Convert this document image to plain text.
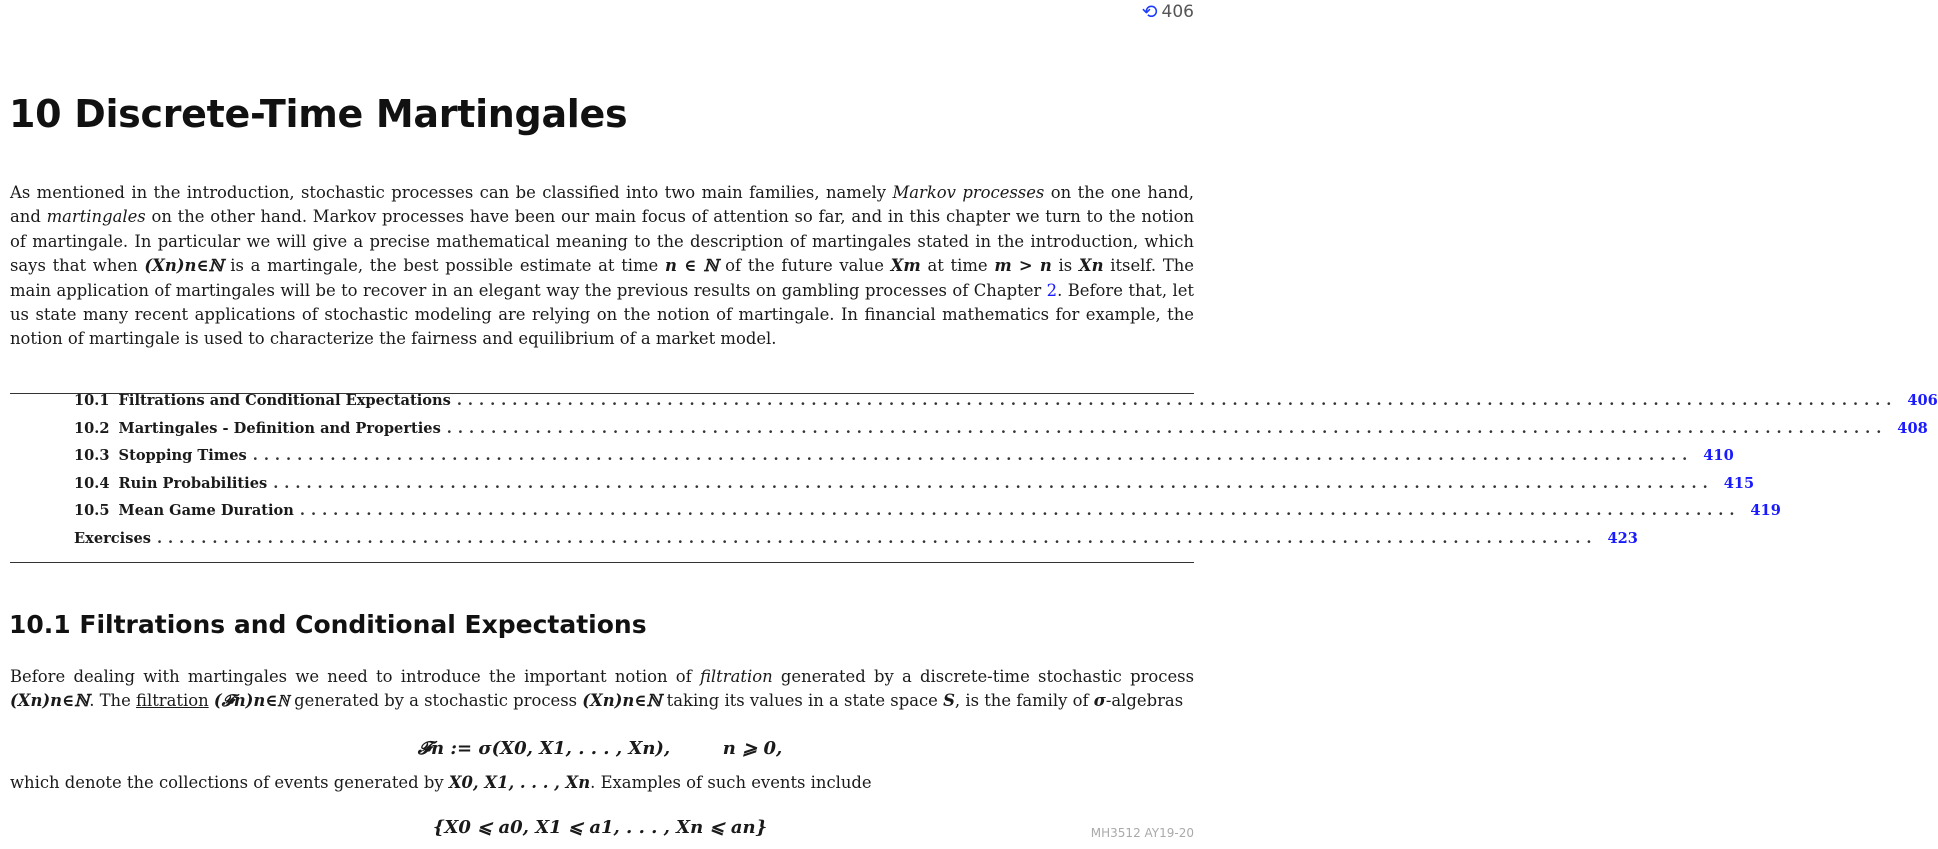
⟲ 406
10 Discrete-Time Martingales

As mentioned in the introduction, stochastic processes can be classified into two main families, namely Markov processes on the one hand, and martingales on the other hand. Markov processes have been our main focus of attention so far, and in this chapter we turn to the notion of martingale. In particular we will give a precise mathematical meaning to the description of martingales stated in the introduction, which says that when (Xn)n∈ℕ is a martingale, the best possible estimate at time n ∈ ℕ of the future value Xm at time m > n is Xn itself. The main application of martingales will be to recover in an elegant way the previous results on gambling processes of Chapter 2. Before that, let us state many recent applications of stochastic modeling are relying on the notion of martingale. In financial mathematics for example, the notion of martingale is used to characterize the fairness and equilibrium of a market model.

10.1 Filtrations and Conditional Expectations .................................................................................................................................. 406
10.2 Martingales - Definition and Properties .................................................................................................................................. 408
10.3 Stopping Times .................................................................................................................................. 410
10.4 Ruin Probabilities .................................................................................................................................. 415
10.5 Mean Game Duration .................................................................................................................................. 419
Exercises .................................................................................................................................. 423
10.1 Filtrations and Conditional Expectations

Before dealing with martingales we need to introduce the important notion of filtration generated by a discrete-time stochastic process (Xn)n∈ℕ. The filtration (𝓕n)n∈ℕ generated by a stochastic process (Xn)n∈ℕ taking its values in a state space S, is the family of σ-algebras

𝓕n := σ(X0, X1, . . . , Xn),	n ⩾ 0,

which denote the collections of events generated by X0, X1, . . . , Xn. Examples of such events include

{X0 ⩽ a0, X1 ⩽ a1, . . . , Xn ⩽ an}	MH3512 AY19-20
